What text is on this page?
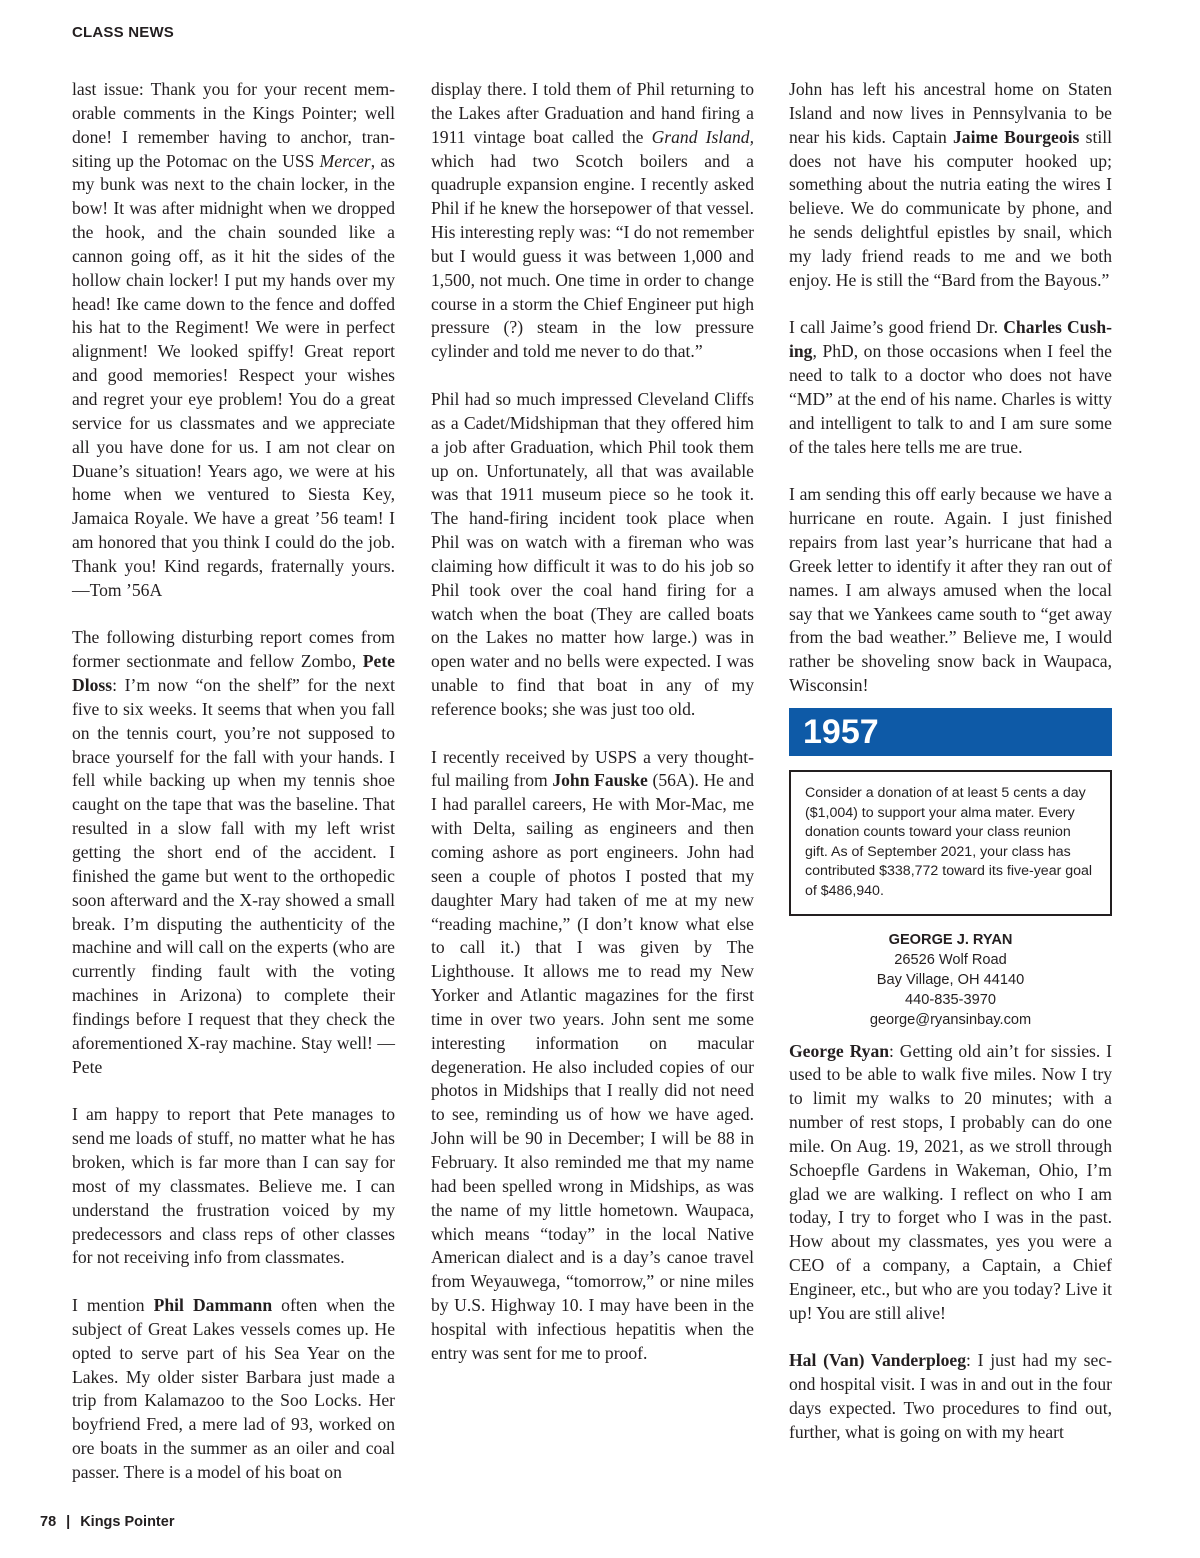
CLASS NEWS

last issue: Thank you for your recent memorable comments in the Kings Pointer; well done! I remember having to anchor, transiting up the Potomac on the USS Mercer, as my bunk was next to the chain locker, in the bow! It was after midnight when we dropped the hook, and the chain sounded like a cannon going off, as it hit the sides of the hollow chain locker! I put my hands over my head! Ike came down to the fence and doffed his hat to the Regiment! We were in perfect alignment! We looked spiffy! Great report and good memories! Respect your wishes and regret your eye problem! You do a great service for us classmates and we appreciate all you have done for us. I am not clear on Duane’s situation! Years ago, we were at his home when we ventured to Siesta Key, Jamaica Royale. We have a great ’56 team! I am honored that you think I could do the job. Thank you! Kind regards, fraternally yours. —Tom ’56A

The following disturbing report comes from former sectionmate and fellow Zombo, Pete Dloss: I’m now “on the shelf” for the next five to six weeks. It seems that when you fall on the tennis court, you’re not supposed to brace yourself for the fall with your hands. I fell while backing up when my tennis shoe caught on the tape that was the baseline. That resulted in a slow fall with my left wrist getting the short end of the accident. I finished the game but went to the orthopedic soon afterward and the X-ray showed a small break. I’m disputing the authenticity of the machine and will call on the experts (who are currently finding fault with the voting machines in Arizona) to complete their findings before I request that they check the aforementioned X-ray machine. Stay well! —Pete

I am happy to report that Pete manages to send me loads of stuff, no matter what he has broken, which is far more than I can say for most of my classmates. Believe me. I can understand the frustration voiced by my predecessors and class reps of other classes for not receiving info from classmates.

I mention Phil Dammann often when the subject of Great Lakes vessels comes up. He opted to serve part of his Sea Year on the Lakes. My older sister Barbara just made a trip from Kalamazoo to the Soo Locks. Her boyfriend Fred, a mere lad of 93, worked on ore boats in the summer as an oiler and coal passer. There is a model of his boat on

display there. I told them of Phil returning to the Lakes after Graduation and hand firing a 1911 vintage boat called the Grand Island, which had two Scotch boilers and a quadruple expansion engine. I recently asked Phil if he knew the horsepower of that vessel. His interesting reply was: “I do not remember but I would guess it was between 1,000 and 1,500, not much. One time in order to change course in a storm the Chief Engineer put high pressure (?) steam in the low pressure cylinder and told me never to do that.”

Phil had so much impressed Cleveland Cliffs as a Cadet/Midshipman that they offered him a job after Graduation, which Phil took them up on. Unfortunately, all that was available was that 1911 museum piece so he took it. The hand-firing incident took place when Phil was on watch with a fireman who was claiming how difficult it was to do his job so Phil took over the coal hand firing for a watch when the boat (They are called boats on the Lakes no matter how large.) was in open water and no bells were expected. I was unable to find that boat in any of my reference books; she was just too old.

I recently received by USPS a very thoughtful mailing from John Fauske (56A). He and I had parallel careers, He with Mor-Mac, me with Delta, sailing as engineers and then coming ashore as port engineers. John had seen a couple of photos I posted that my daughter Mary had taken of me at my new “reading machine,” (I don’t know what else to call it.) that I was given by The Lighthouse. It allows me to read my New Yorker and Atlantic magazines for the first time in over two years. John sent me some interesting information on macular degeneration. He also included copies of our photos in Midships that I really did not need to see, reminding us of how we have aged. John will be 90 in December; I will be 88 in February. It also reminded me that my name had been spelled wrong in Midships, as was the name of my little hometown. Waupaca, which means “today” in the local Native American dialect and is a day’s canoe travel from Weyauwega, “tomorrow,” or nine miles by U.S. Highway 10. I may have been in the hospital with infectious hepatitis when the entry was sent for me to proof.

John has left his ancestral home on Staten Island and now lives in Pennsylvania to be near his kids. Captain Jaime Bourgeois still does not have his computer hooked up; something about the nutria eating the wires I believe. We do communicate by phone, and he sends delightful epistles by snail, which my lady friend reads to me and we both enjoy. He is still the “Bard from the Bayous.”

I call Jaime’s good friend Dr. Charles Cushing, PhD, on those occasions when I feel the need to talk to a doctor who does not have “MD” at the end of his name. Charles is witty and intelligent to talk to and I am sure some of the tales here tells me are true.

I am sending this off early because we have a hurricane en route. Again. I just finished repairs from last year’s hurricane that had a Greek letter to identify it after they ran out of names. I am always amused when the local say that we Yankees came south to “get away from the bad weather.” Believe me, I would rather be shoveling snow back in Waupaca, Wisconsin!

1957
Consider a donation of at least 5 cents a day ($1,004) to support your alma mater. Every donation counts toward your class reunion gift. As of September 2021, your class has contributed $338,772 toward its five-year goal of $486,940.
GEORGE J. RYAN
26526 Wolf Road
Bay Village, OH 44140
440-835-3970
george@ryansinbay.com

George Ryan: Getting old ain’t for sissies. I used to be able to walk five miles. Now I try to limit my walks to 20 minutes; with a number of rest stops, I probably can do one mile. On Aug. 19, 2021, as we stroll through Schoepfle Gardens in Wakeman, Ohio, I’m glad we are walking. I reflect on who I am today, I try to forget who I was in the past. How about my classmates, yes you were a CEO of a company, a Captain, a Chief Engineer, etc., but who are you today? Live it up! You are still alive!

Hal (Van) Vanderploeg: I just had my second hospital visit. I was in and out in the four days expected. Two procedures to find out, further, what is going on with my heart

78 | Kings Pointer
